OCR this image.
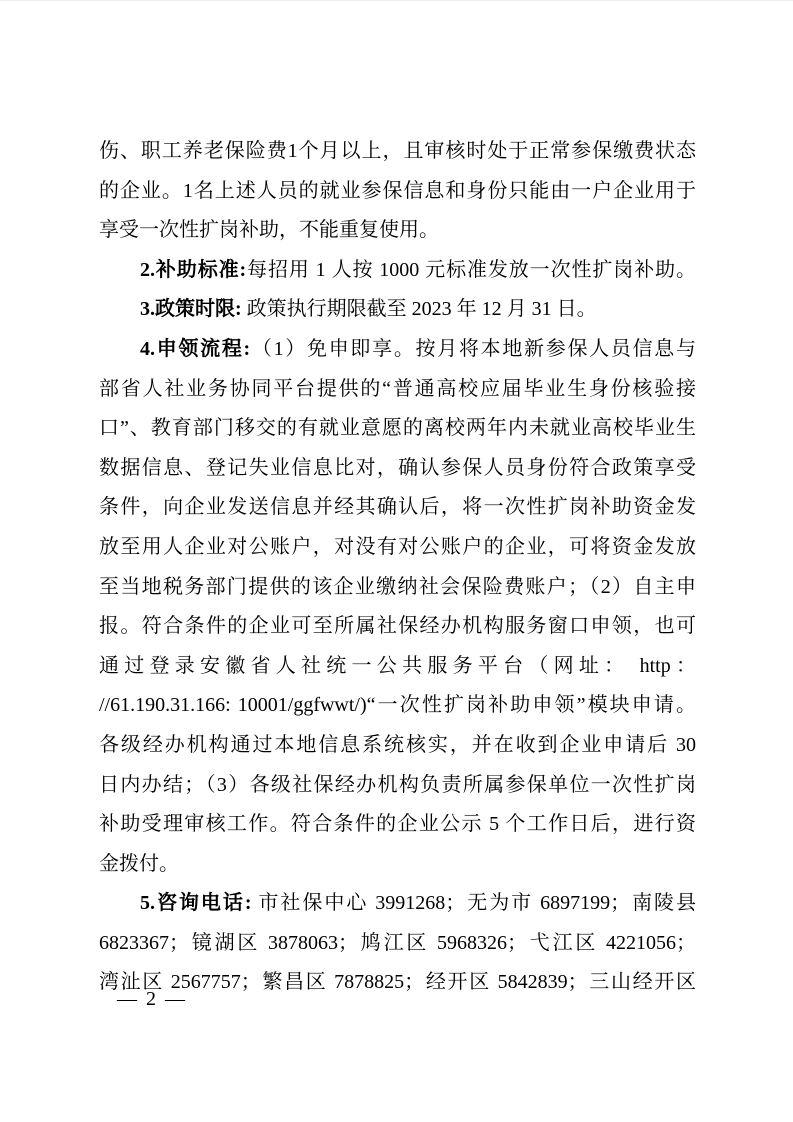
伤、职工养老保险费1个月以上，且审核时处于正常参保缴费状态
的企业。1名上述人员的就业参保信息和身份只能由一户企业用于
享受一次性扩岗补助，不能重复使用。
2.补助标准:每招用 1 人按 1000 元标准发放一次性扩岗补助。
3.政策时限: 政策执行期限截至 2023 年 12 月 31 日。
4.申领流程:（1）免申即享。按月将本地新参保人员信息与
部省人社业务协同平台提供的“普通高校应届毕业生身份核验接
口”、教育部门移交的有就业意愿的离校两年内未就业高校毕业生
数据信息、登记失业信息比对，确认参保人员身份符合政策享受
条件，向企业发送信息并经其确认后，将一次性扩岗补助资金发
放至用人企业对公账户，对没有对公账户的企业，可将资金发放
至当地税务部门提供的该企业缴纳社会保险费账户；（2）自主申
报。符合条件的企业可至所属社保经办机构服务窗口申领，也可
通过登录安徽省人社统一公共服务平台（网址： http：
//61.190.31.166: 10001/ggfwwt/)“一次性扩岗补助申领”模块申请。
各级经办机构通过本地信息系统核实，并在收到企业申请后 30
日内办结；（3）各级社保经办机构负责所属参保单位一次性扩岗
补助受理审核工作。符合条件的企业公示 5 个工作日后，进行资
金拨付。
5.咨询电话: 市社保中心 3991268；无为市 6897199；南陵县
6823367；镜湖区 3878063；鸠江区 5968326；弋江区 4221056；
湾沚区 2567757；繁昌区 7878825；经开区 5842839；三山经开区
— 2 —
